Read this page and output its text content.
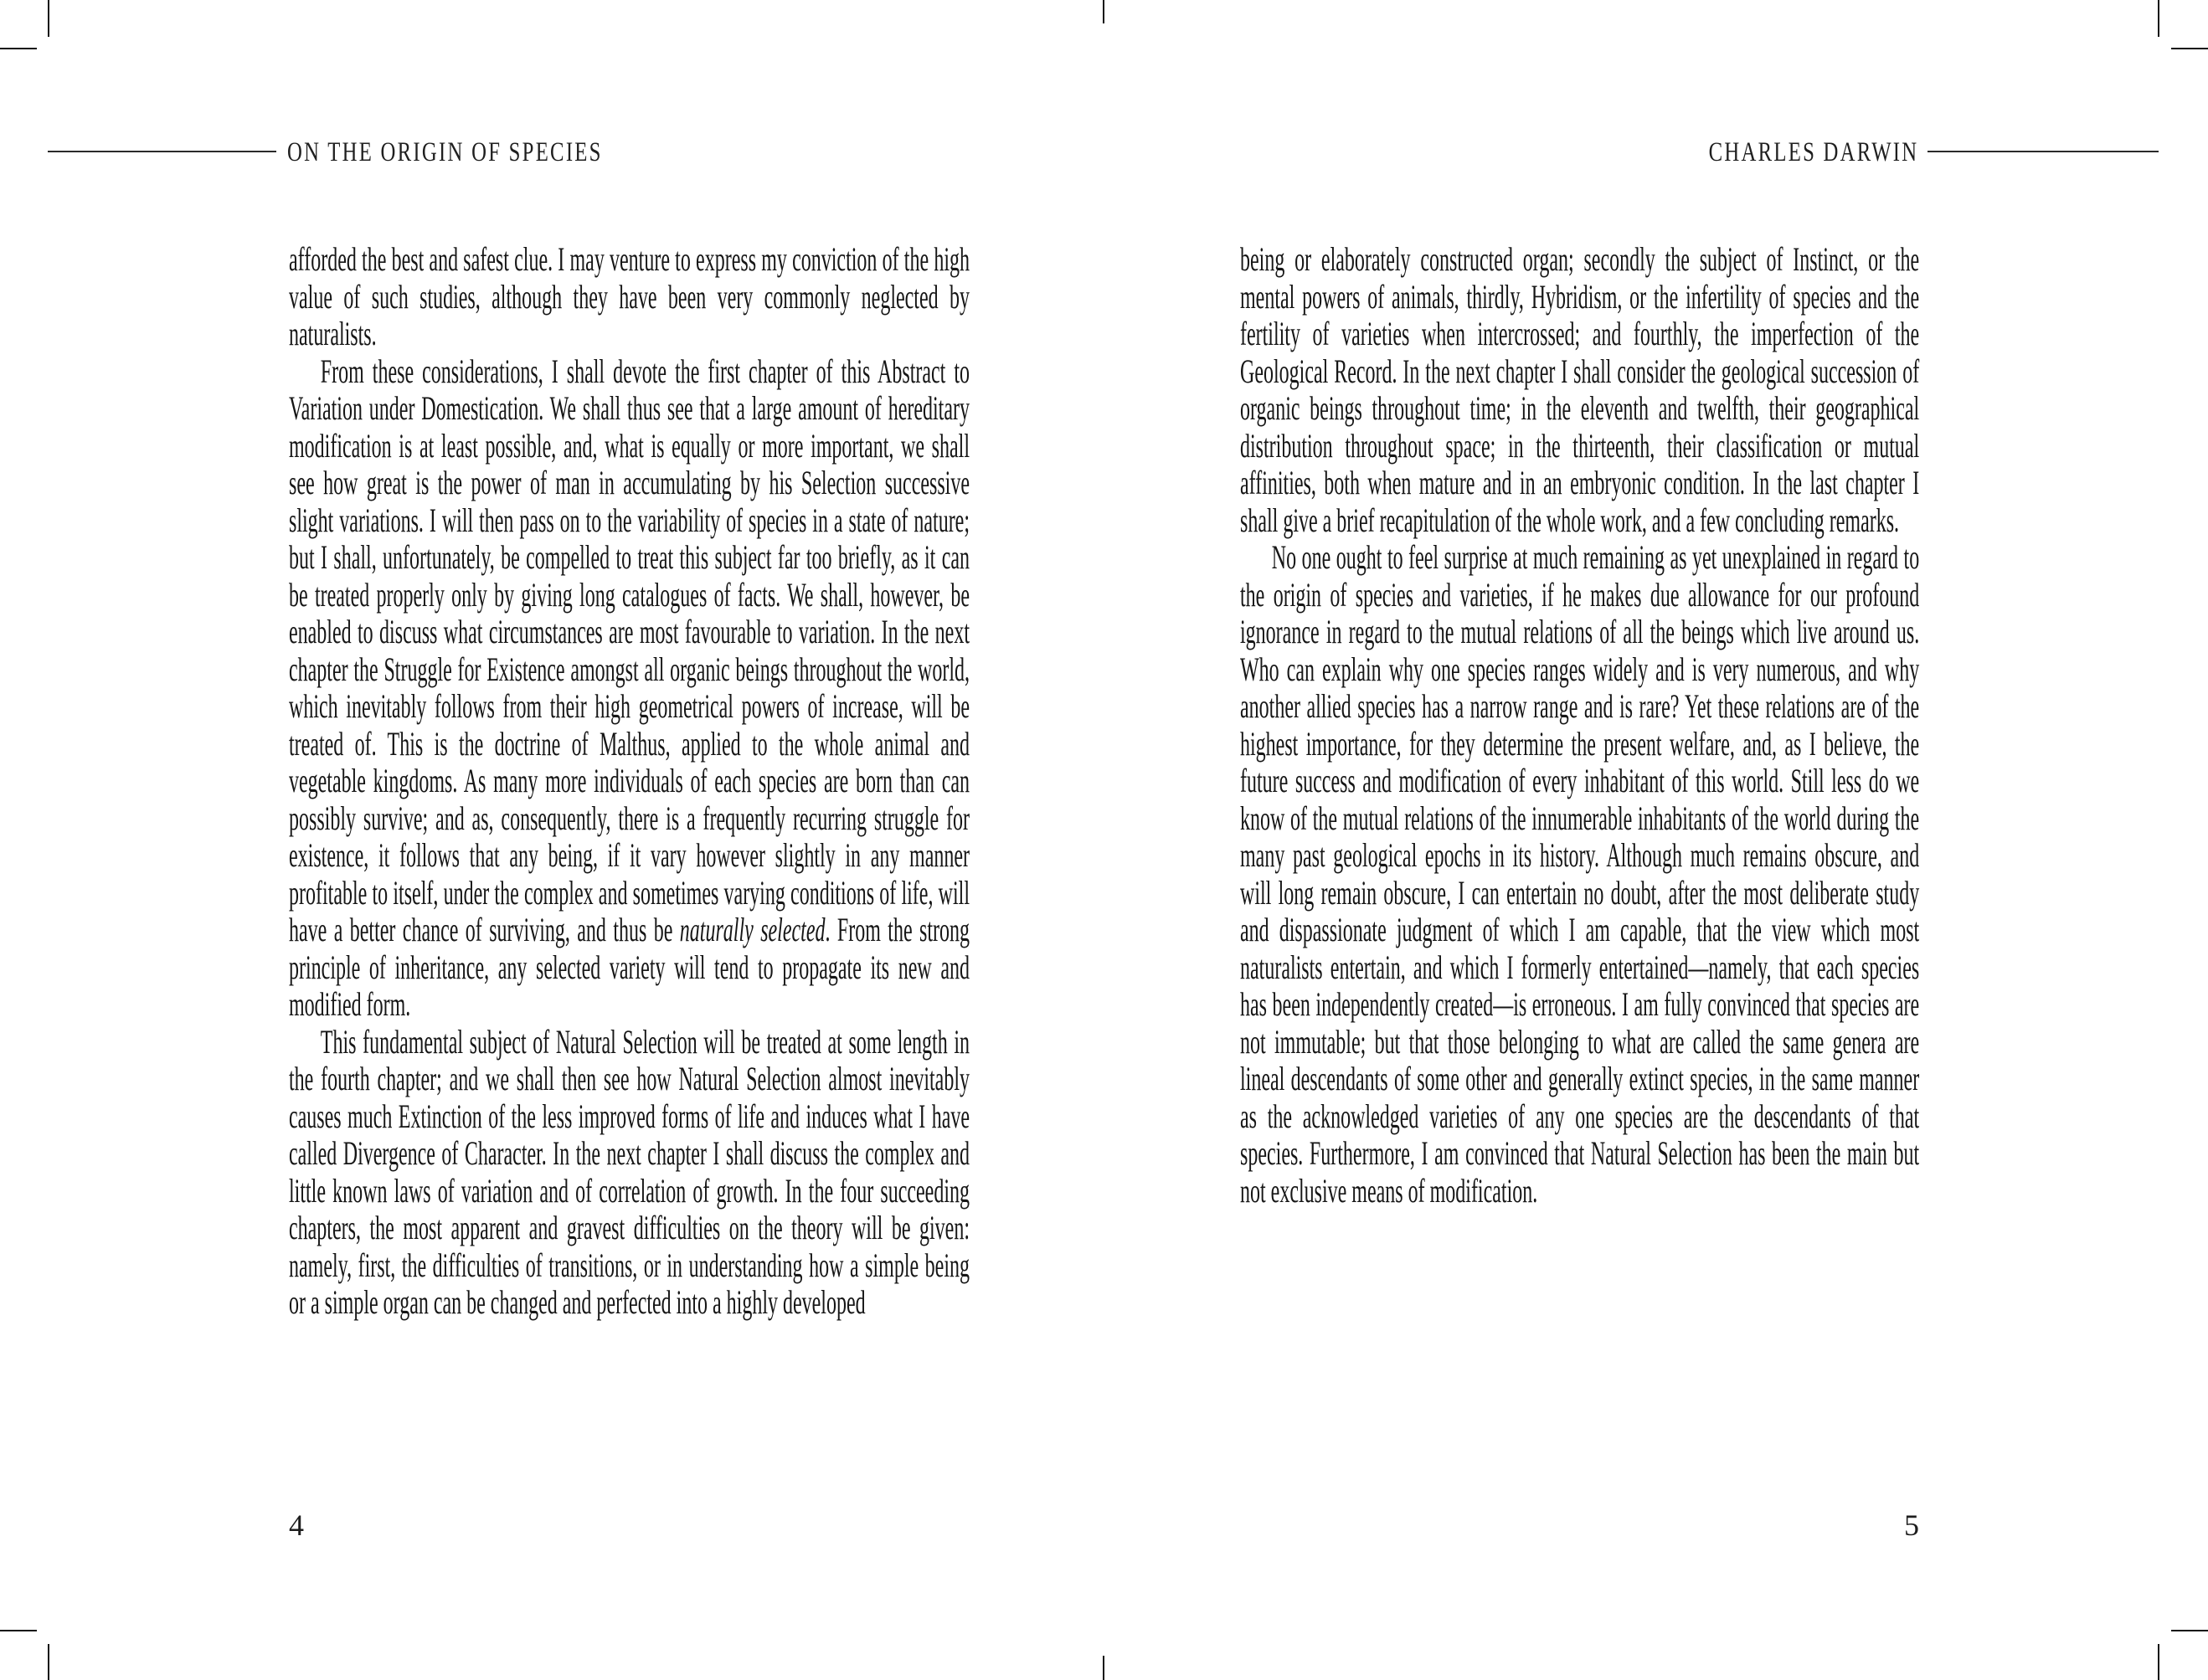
ON THE ORIGIN OF SPECIES	CHARLES DARWIN

afforded the best and safest clue. I may venture to express my conviction of the high value of such studies, although they have been very commonly neglected by naturalists.

From these considerations, I shall devote the first chapter of this Abstract to Variation under Domestication. We shall thus see that a large amount of hereditary modification is at least possible, and, what is equally or more important, we shall see how great is the power of man in accumulating by his Selection successive slight variations. I will then pass on to the variability of species in a state of nature; but I shall, unfortunately, be compelled to treat this subject far too briefly, as it can be treated properly only by giving long catalogues of facts. We shall, however, be enabled to discuss what circumstances are most favourable to variation. In the next chapter the Struggle for Existence amongst all organic beings throughout the world, which inevitably follows from their high geometrical powers of increase, will be treated of. This is the doctrine of Malthus, applied to the whole animal and vegetable kingdoms. As many more individuals of each species are born than can possibly survive; and as, consequently, there is a frequently recurring struggle for existence, it follows that any being, if it vary however slightly in any manner profitable to itself, under the complex and sometimes varying conditions of life, will have a better chance of surviving, and thus be naturally selected. From the strong principle of inheritance, any selected variety will tend to propagate its new and modified form.

This fundamental subject of Natural Selection will be treated at some length in the fourth chapter; and we shall then see how Natural Selection almost inevitably causes much Extinction of the less improved forms of life and induces what I have called Divergence of Character. In the next chapter I shall discuss the complex and little known laws of variation and of correlation of growth. In the four succeeding chapters, the most apparent and gravest difficulties on the theory will be given: namely, first, the difficulties of transitions, or in understanding how a simple being or a simple organ can be changed and perfected into a highly developed

4

being or elaborately constructed organ; secondly the subject of Instinct, or the mental powers of animals, thirdly, Hybridism, or the infertility of species and the fertility of varieties when intercrossed; and fourthly, the imperfection of the Geological Record. In the next chapter I shall consider the geological succession of organic beings throughout time; in the eleventh and twelfth, their geographical distribution throughout space; in the thirteenth, their classification or mutual affinities, both when mature and in an embryonic condition. In the last chapter I shall give a brief recapitulation of the whole work, and a few concluding remarks.

No one ought to feel surprise at much remaining as yet unexplained in regard to the origin of species and varieties, if he makes due allowance for our profound ignorance in regard to the mutual relations of all the beings which live around us. Who can explain why one species ranges widely and is very numerous, and why another allied species has a narrow range and is rare? Yet these relations are of the highest importance, for they determine the present welfare, and, as I believe, the future success and modification of every inhabitant of this world. Still less do we know of the mutual relations of the innumerable inhabitants of the world during the many past geological epochs in its history. Although much remains obscure, and will long remain obscure, I can entertain no doubt, after the most deliberate study and dispassionate judgment of which I am capable, that the view which most naturalists entertain, and which I formerly entertained—namely, that each species has been independently created—is erroneous. I am fully convinced that species are not immutable; but that those belonging to what are called the same genera are lineal descendants of some other and generally extinct species, in the same manner as the acknowledged varieties of any one species are the descendants of that species. Furthermore, I am convinced that Natural Selection has been the main but not exclusive means of modification.

5
